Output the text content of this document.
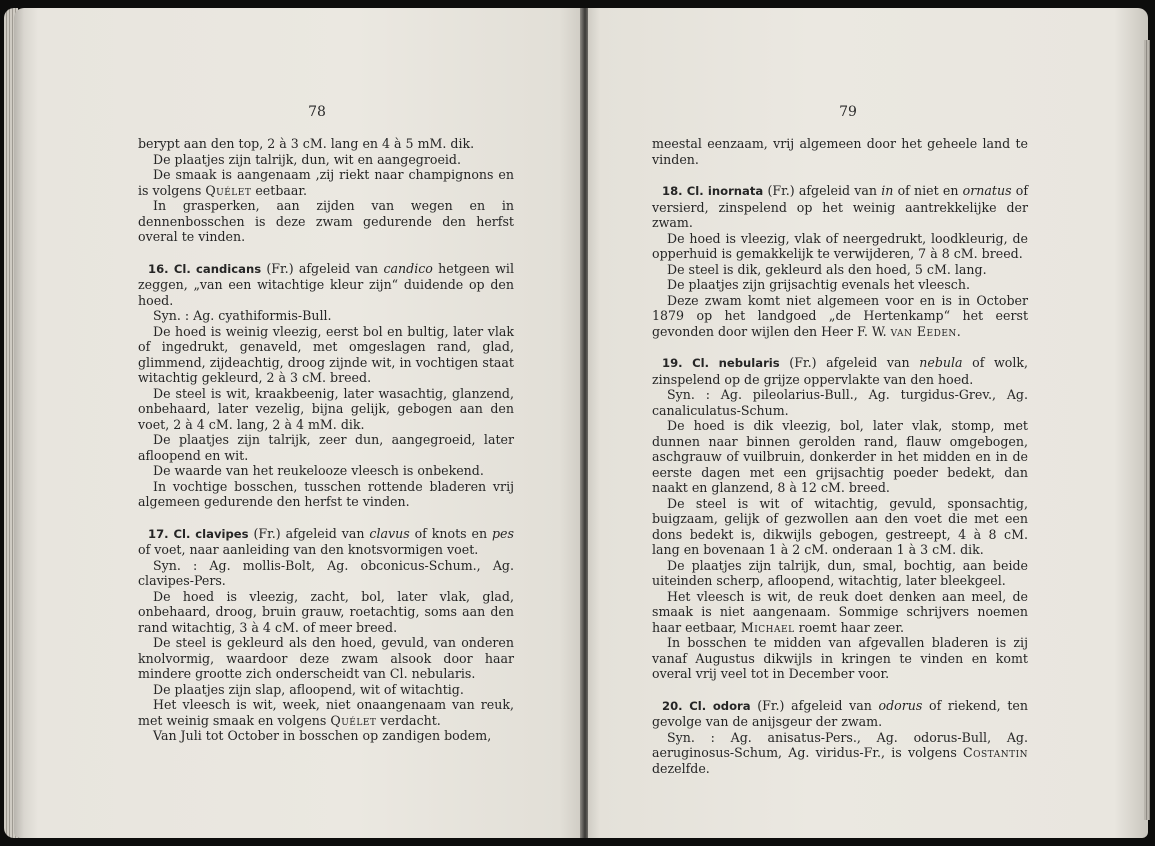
78

berypt aan den top, 2 à 3 cM. lang en 4 à 5 mM. dik.

De plaatjes zijn talrijk, dun, wit en aangegroeid.

De smaak is aangenaam ,zij riekt naar champignons en is volgens Quélet eetbaar.

In grasperken, aan zijden van wegen en in dennenbosschen is deze zwam gedurende den herfst overal te vinden.

16. Cl. candicans (Fr.) afgeleid van candico hetgeen wil zeggen, „van een witachtige kleur zijn“ duidende op den hoed.

Syn. : Ag. cyathiformis-Bull.

De hoed is weinig vleezig, eerst bol en bultig, later vlak of ingedrukt, genaveld, met omgeslagen rand, glad, glimmend, zijdeachtig, droog zijnde wit, in vochtigen staat witachtig gekleurd, 2 à 3 cM. breed.

De steel is wit, kraakbeenig, later wasachtig, glanzend, onbehaard, later vezelig, bijna gelijk, gebogen aan den voet, 2 à 4 cM. lang, 2 à 4 mM. dik.

De plaatjes zijn talrijk, zeer dun, aangegroeid, later afloopend en wit.

De waarde van het reukelooze vleesch is onbekend.

In vochtige bosschen, tusschen rottende bladeren vrij algemeen gedurende den herfst te vinden.

17. Cl. clavipes (Fr.) afgeleid van clavus of knots en pes of voet, naar aanleiding van den knotsvormigen voet.

Syn. : Ag. mollis-Bolt, Ag. obconicus-Schum., Ag. clavipes-Pers.

De hoed is vleezig, zacht, bol, later vlak, glad, onbehaard, droog, bruin grauw, roetachtig, soms aan den rand witachtig, 3 à 4 cM. of meer breed.

De steel is gekleurd als den hoed, gevuld, van onderen knolvormig, waardoor deze zwam alsook door haar mindere grootte zich onderscheidt van Cl. nebularis.

De plaatjes zijn slap, afloopend, wit of witachtig.

Het vleesch is wit, week, niet onaangenaam van reuk, met weinig smaak en volgens Quélet verdacht.

Van Juli tot October in bosschen op zandigen bodem,

79

meestal eenzaam, vrij algemeen door het geheele land te vinden.

18. Cl. inornata (Fr.) afgeleid van in of niet en ornatus of versierd, zinspelend op het weinig aantrekkelijke der zwam.

De hoed is vleezig, vlak of neergedrukt, loodkleurig, de opperhuid is gemakkelijk te verwijderen, 7 à 8 cM. breed.

De steel is dik, gekleurd als den hoed, 5 cM. lang.

De plaatjes zijn grijsachtig evenals het vleesch.

Deze zwam komt niet algemeen voor en is in October 1879 op het landgoed „de Hertenkamp“ het eerst gevonden door wijlen den Heer F. W. van Eeden.

19. Cl. nebularis (Fr.) afgeleid van nebula of wolk, zinspelend op de grijze oppervlakte van den hoed.

Syn. : Ag. pileolarius-Bull., Ag. turgidus-Grev., Ag. canaliculatus-Schum.

De hoed is dik vleezig, bol, later vlak, stomp, met dunnen naar binnen gerolden rand, flauw omgebogen, aschgrauw of vuilbruin, donkerder in het midden en in de eerste dagen met een grijsachtig poeder bedekt, dan naakt en glanzend, 8 à 12 cM. breed.

De steel is wit of witachtig, gevuld, sponsachtig, buigzaam, gelijk of gezwollen aan den voet die met een dons bedekt is, dikwijls gebogen, gestreept, 4 à 8 cM. lang en bovenaan 1 à 2 cM. onderaan 1 à 3 cM. dik.

De plaatjes zijn talrijk, dun, smal, bochtig, aan beide uiteinden scherp, afloopend, witachtig, later bleekgeel.

Het vleesch is wit, de reuk doet denken aan meel, de smaak is niet aangenaam. Sommige schrijvers noemen haar eetbaar, Michael roemt haar zeer.

In bosschen te midden van afgevallen bladeren is zij vanaf Augustus dikwijls in kringen te vinden en komt overal vrij veel tot in December voor.

20. Cl. odora (Fr.) afgeleid van odorus of riekend, ten gevolge van de anijsgeur der zwam.

Syn. : Ag. anisatus-Pers., Ag. odorus-Bull, Ag. aeruginosus-Schum, Ag. viridus-Fr., is volgens Costantin dezelfde.
